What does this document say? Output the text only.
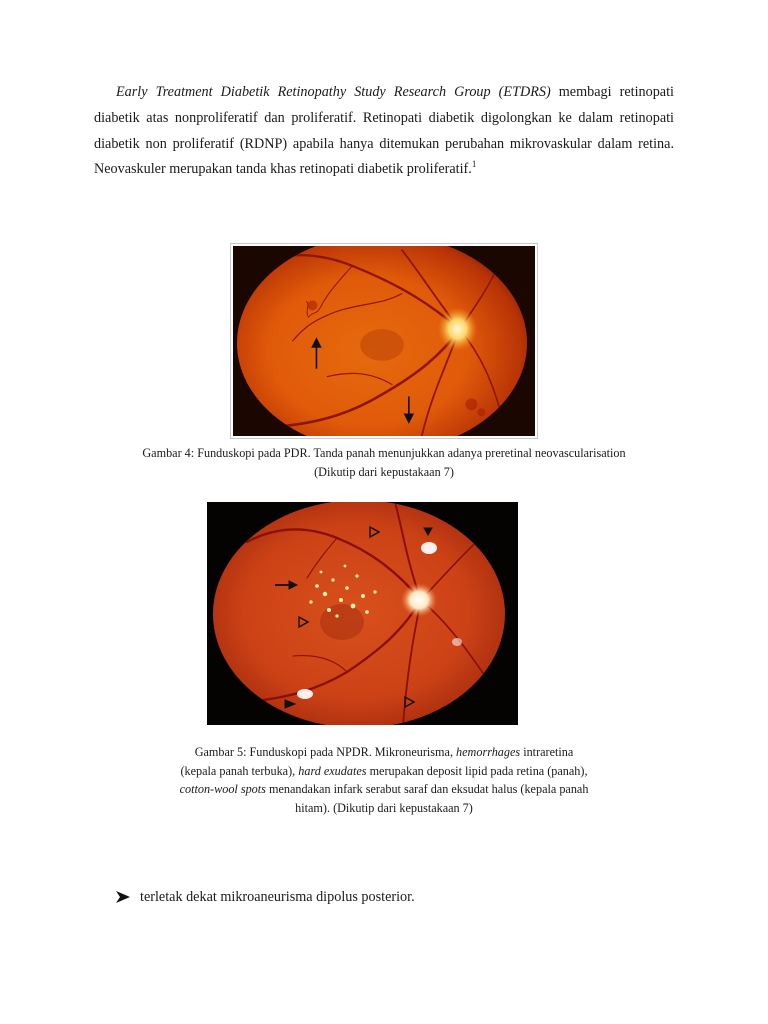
Early Treatment Diabetik Retinopathy Study Research Group (ETDRS) membagi retinopati diabetik atas nonproliferatif dan proliferatif. Retinopati diabetik digolongkan ke dalam retinopati diabetik non proliferatif (RDNP) apabila hanya ditemukan perubahan mikrovaskular dalam retina. Neovaskuler merupakan tanda khas retinopati diabetik proliferatif.$^1$

Gambar 4: Funduskopi pada PDR. Tanda panah menunjukkan adanya preretinal neovascularisation
(Dikutip dari kepustakaan 7)

Gambar 5: Funduskopi pada NPDR. Mikroneurisma, hemorrhages intraretina (kepala panah terbuka), hard exudates merupakan deposit lipid pada retina (panah), cotton-wool spots menandakan infark serabut saraf dan eksudat halus (kepala panah hitam). (Dikutip dari kepustakaan 7)

terletak dekat mikroaneurisma dipolus posterior.
